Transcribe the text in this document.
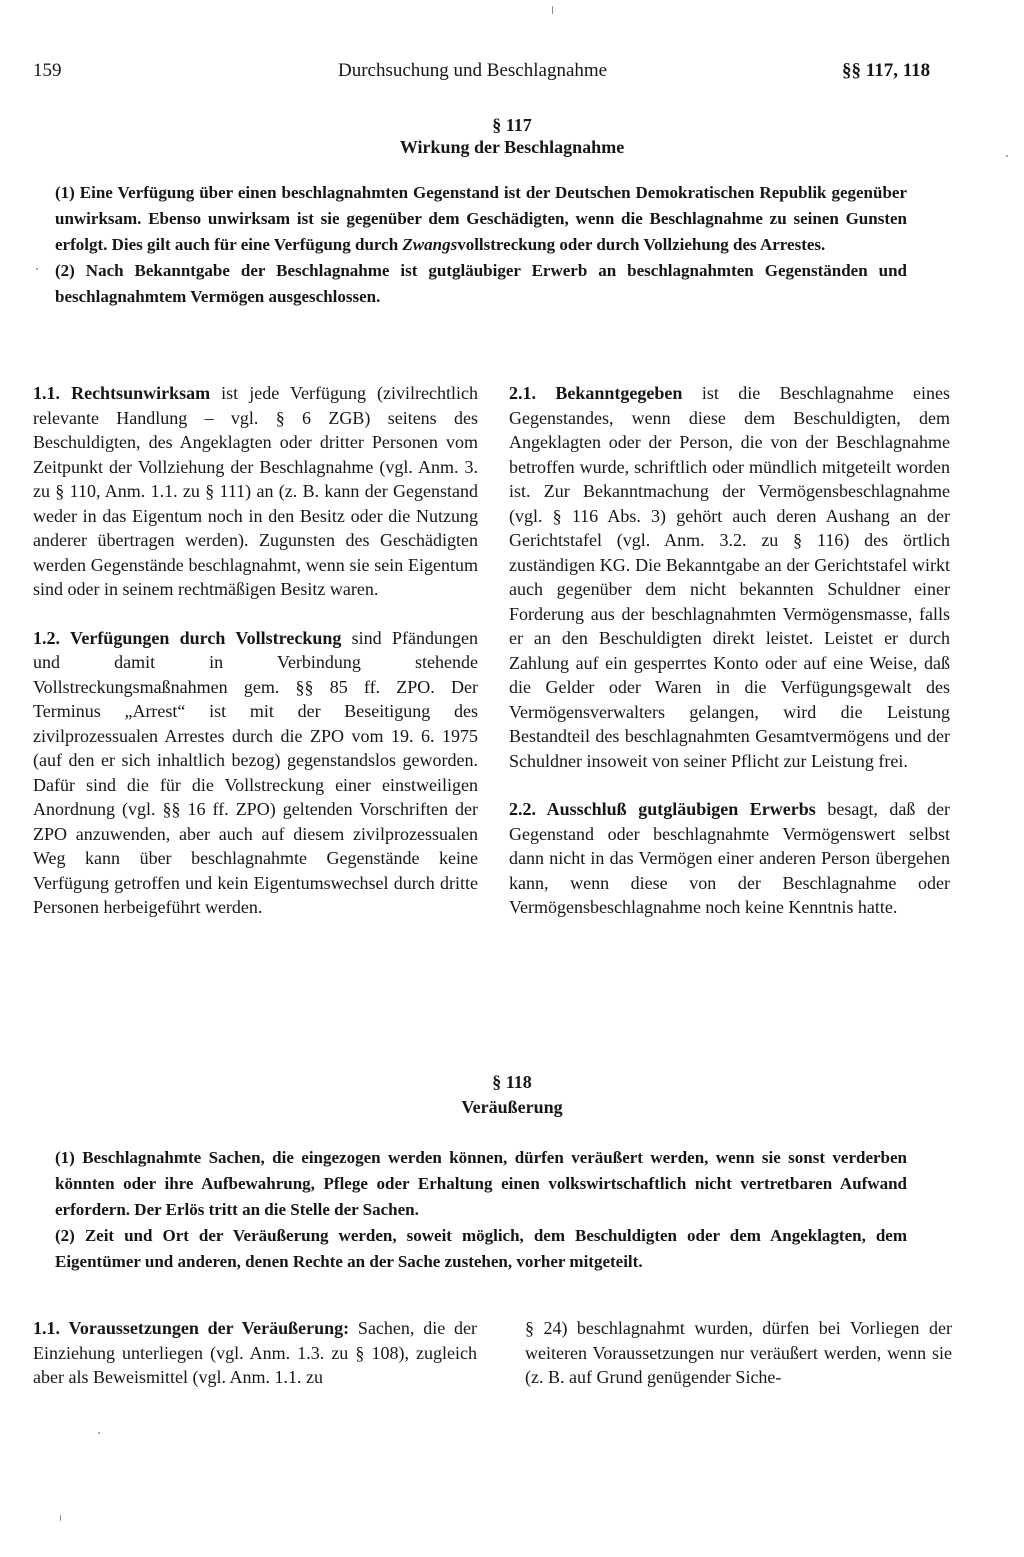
159	Durchsuchung und Beschlagnahme	§§ 117, 118
§ 117
Wirkung der Beschlagnahme

(1) Eine Verfügung über einen beschlagnahmten Gegenstand ist der Deutschen Demokratischen Republik gegenüber unwirksam. Ebenso unwirksam ist sie gegenüber dem Geschädigten, wenn die Beschlagnahme zu seinen Gunsten erfolgt. Dies gilt auch für eine Verfügung durch Zwangsvollstreckung oder durch Vollziehung des Arrestes.

(2) Nach Bekanntgabe der Beschlagnahme ist gutgläubiger Erwerb an beschlagnahmten Gegenständen und beschlagnahmtem Vermögen ausgeschlossen.

1.1. Rechtsunwirksam ist jede Verfügung (zivilrechtlich relevante Handlung – vgl. § 6 ZGB) seitens des Beschuldigten, des Angeklagten oder dritter Personen vom Zeitpunkt der Vollziehung der Beschlagnahme (vgl. Anm. 3. zu § 110, Anm. 1.1. zu § 111) an (z. B. kann der Gegenstand weder in das Eigentum noch in den Besitz oder die Nutzung anderer übertragen werden). Zugunsten des Geschädigten werden Gegenstände beschlagnahmt, wenn sie sein Eigentum sind oder in seinem rechtmäßigen Besitz waren.

1.2. Verfügungen durch Vollstreckung sind Pfändungen und damit in Verbindung stehende Vollstreckungsmaßnahmen gem. §§ 85 ff. ZPO. Der Terminus „Arrest“ ist mit der Beseitigung des zivilprozessualen Arrestes durch die ZPO vom 19. 6. 1975 (auf den er sich inhaltlich bezog) gegenstandslos geworden. Dafür sind die für die Vollstreckung einer einstweiligen Anordnung (vgl. §§ 16 ff. ZPO) geltenden Vorschriften der ZPO anzuwenden, aber auch auf diesem zivilprozessualen Weg kann über beschlagnahmte Gegenstände keine Verfügung getroffen und kein Eigentumswechsel durch dritte Personen herbeigeführt werden.

2.1. Bekanntgegeben ist die Beschlagnahme eines Gegenstandes, wenn diese dem Beschuldigten, dem Angeklagten oder der Person, die von der Beschlagnahme betroffen wurde, schriftlich oder mündlich mitgeteilt worden ist. Zur Bekanntmachung der Vermögensbeschlagnahme (vgl. § 116 Abs. 3) gehört auch deren Aushang an der Gerichtstafel (vgl. Anm. 3.2. zu § 116) des örtlich zuständigen KG. Die Bekanntgabe an der Gerichtstafel wirkt auch gegenüber dem nicht bekannten Schuldner einer Forderung aus der beschlagnahmten Vermögensmasse, falls er an den Beschuldigten direkt leistet. Leistet er durch Zahlung auf ein gesperrtes Konto oder auf eine Weise, daß die Gelder oder Waren in die Verfügungsgewalt des Vermögensverwalters gelangen, wird die Leistung Bestandteil des beschlagnahmten Gesamtvermögens und der Schuldner insoweit von seiner Pflicht zur Leistung frei.

2.2. Ausschluß gutgläubigen Erwerbs besagt, daß der Gegenstand oder beschlagnahmte Vermögenswert selbst dann nicht in das Vermögen einer anderen Person übergehen kann, wenn diese von der Beschlagnahme oder Vermögensbeschlagnahme noch keine Kenntnis hatte.

§ 118
Veräußerung

(1) Beschlagnahmte Sachen, die eingezogen werden können, dürfen veräußert werden, wenn sie sonst verderben könnten oder ihre Aufbewahrung, Pflege oder Erhaltung einen volkswirtschaftlich nicht vertretbaren Aufwand erfordern. Der Erlös tritt an die Stelle der Sachen.

(2) Zeit und Ort der Veräußerung werden, soweit möglich, dem Beschuldigten oder dem Angeklagten, dem Eigentümer und anderen, denen Rechte an der Sache zustehen, vorher mitgeteilt.

1.1. Voraussetzungen der Veräußerung: Sachen, die der Einziehung unterliegen (vgl. Anm. 1.3. zu § 108), zugleich aber als Beweismittel (vgl. Anm. 1.1. zu

§ 24) beschlagnahmt wurden, dürfen bei Vorliegen der weiteren Voraussetzungen nur veräußert werden, wenn sie (z. B. auf Grund genügender Siche-
